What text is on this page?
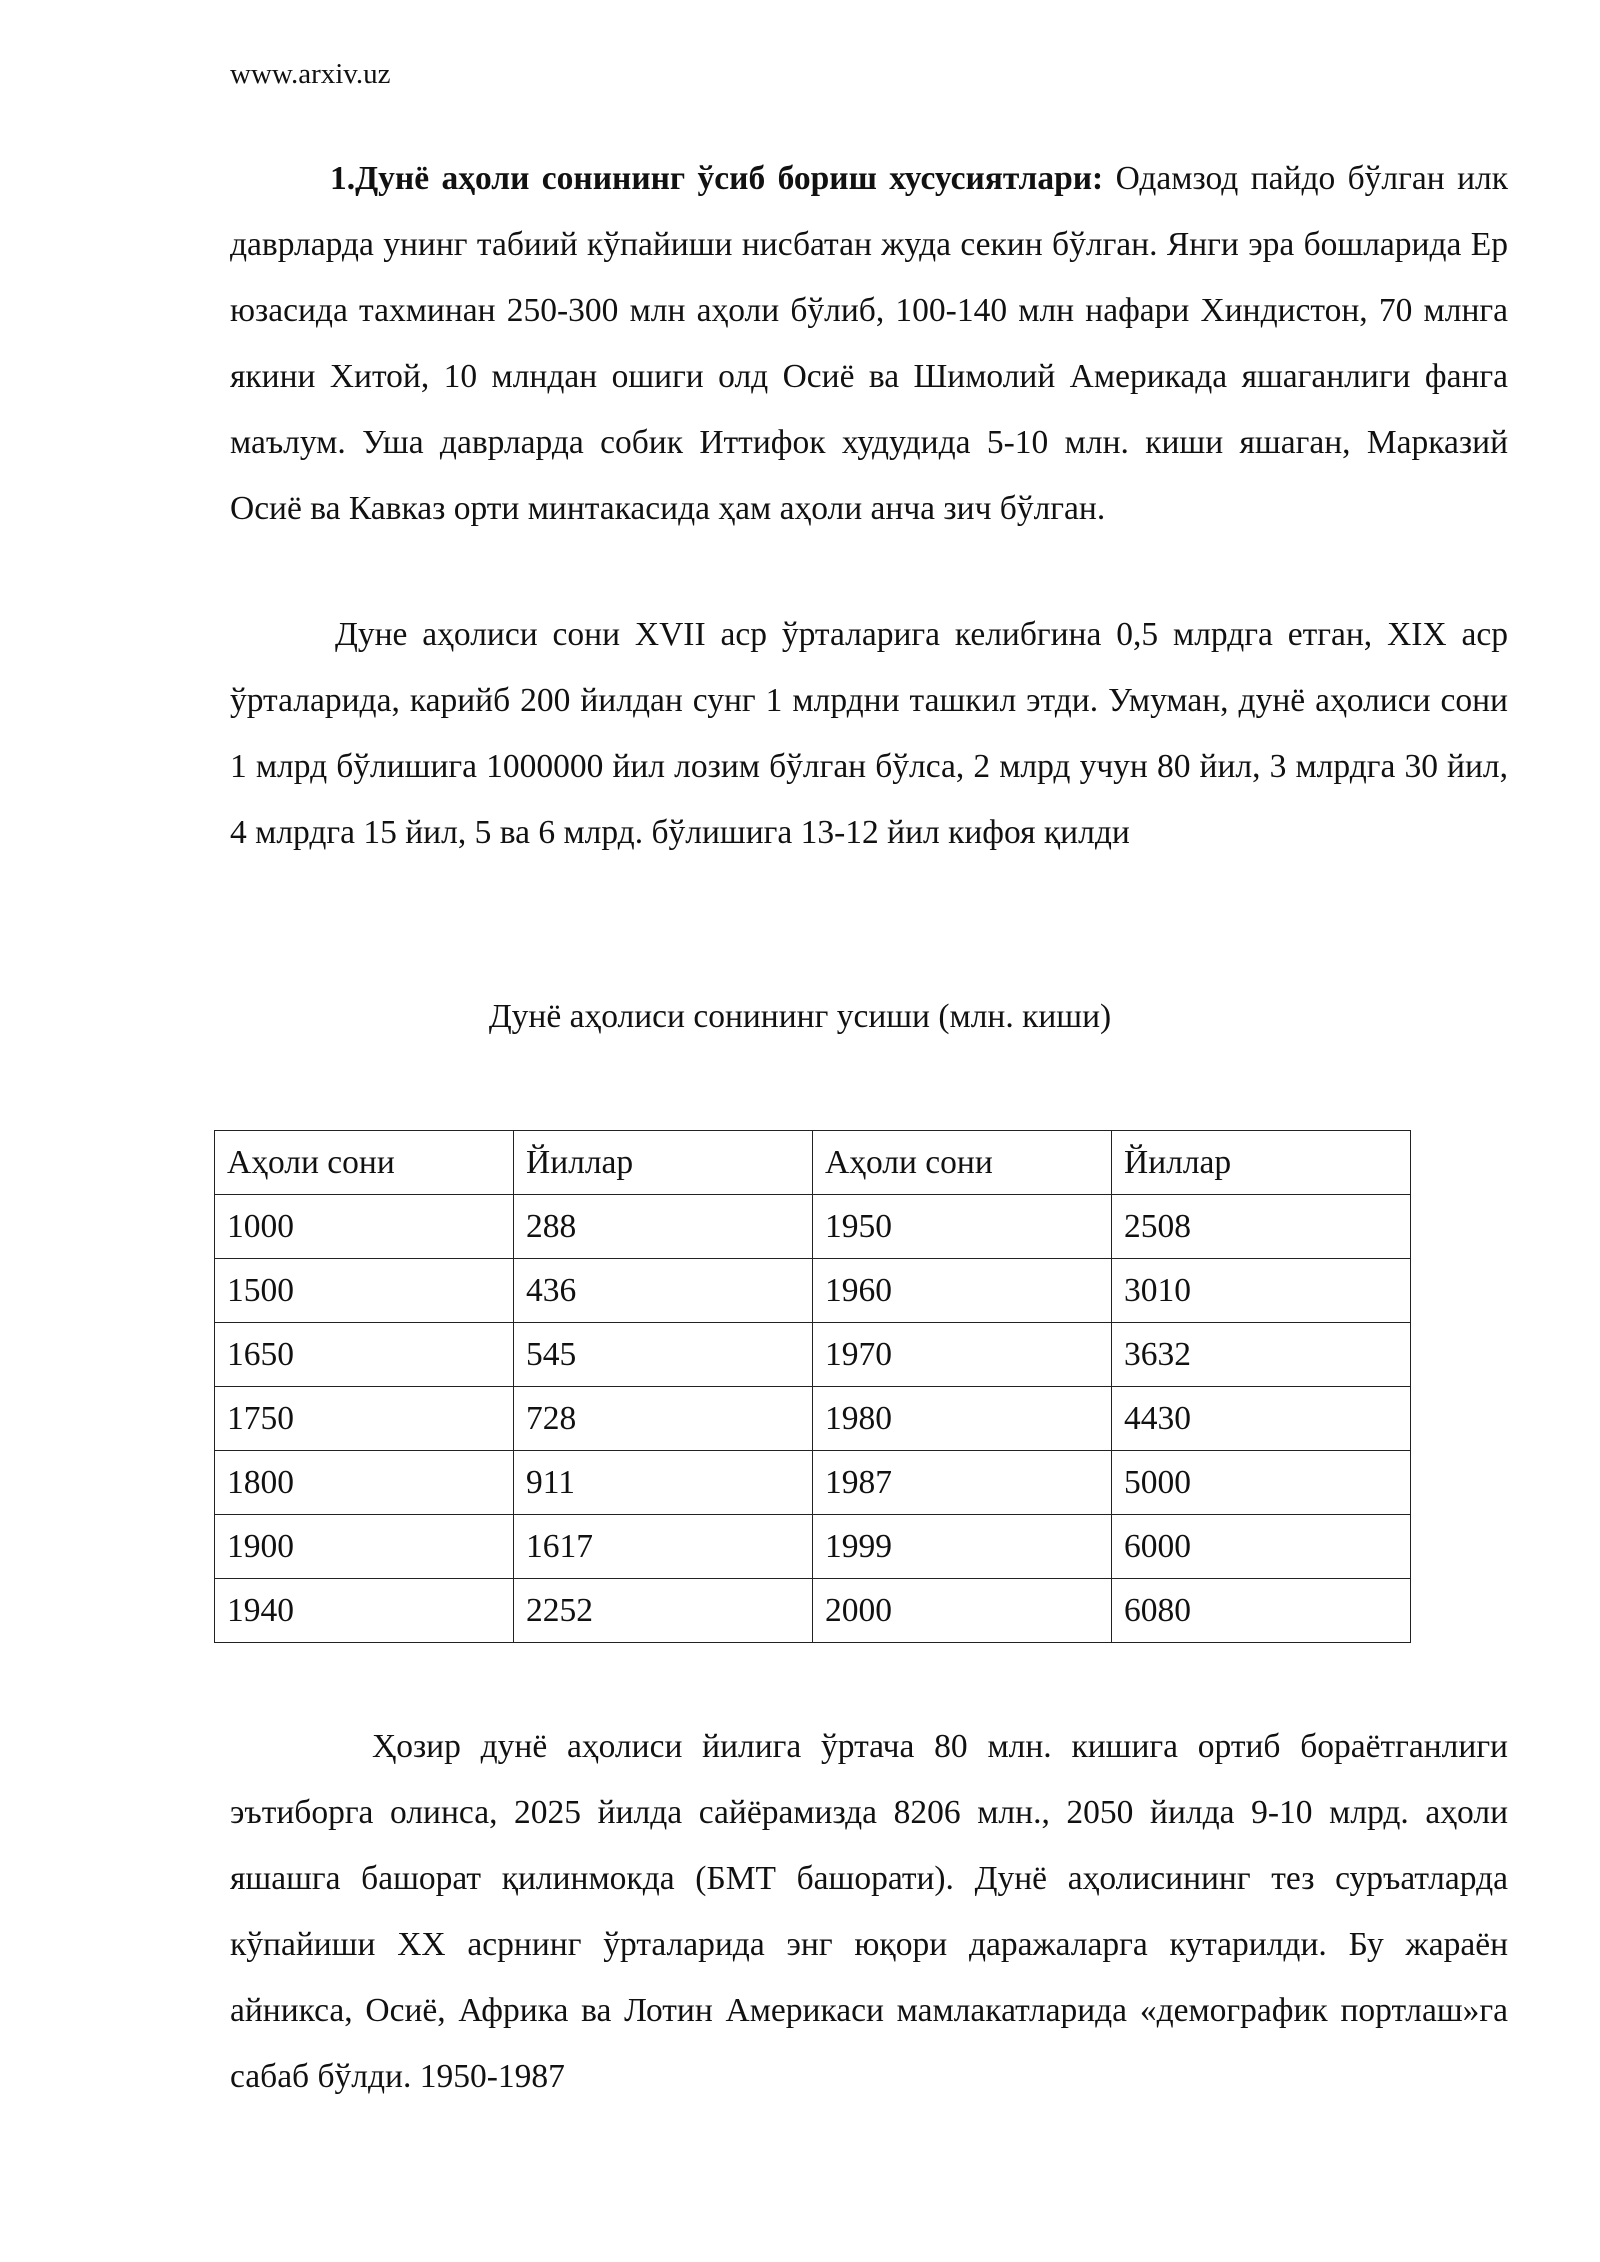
www.arxiv.uz

1.Дунё аҳоли сонининг ўсиб бориш хусусиятлари: Одамзод пайдо бўлган илк даврларда унинг табиий кўпайиши нисбатан жуда секин бўлган. Янги эра бошларида Ер юзасида тахминан 250-300 млн аҳоли бўлиб, 100-140 млн нафари Хиндистон, 70 млнга якини Хитой, 10 млндан ошиги олд Осиё ва Шимолий Америкада яшаганлиги фанга маълум. Уша даврларда собик Иттифок худудида 5-10 млн. киши яшаган, Марказий Осиё ва Кавказ орти минтакасида ҳам аҳоли анча зич бўлган.

Дуне аҳолиси сони XVII аср ўрталарига келибгина 0,5 млрдга етган, XIX аср ўрталарида, карийб 200 йилдан сунг 1 млрдни ташкил этди. Умуман, дунё аҳолиси сони 1 млрд бўлишига 1000000 йил лозим бўлган бўлса, 2 млрд учун 80 йил, 3 млрдга 30 йил, 4 млрдга 15 йил, 5 ва 6 млрд. бўлишига 13-12 йил кифоя қилди

Дунё аҳолиси сонининг усиши (млн. киши)
Аҳоли сони	Йиллар	Аҳоли сони	Йиллар
1000	288	1950	2508
1500	436	1960	3010
1650	545	1970	3632
1750	728	1980	4430
1800	911	1987	5000
1900	1617	1999	6000
1940	2252	2000	6080

Ҳозир дунё аҳолиси йилига ўртача 80 млн. кишига ортиб бораётганлиги эътиборга олинса, 2025 йилда сайёрамизда 8206 млн., 2050 йилда 9-10 млрд. аҳоли яшашга башорат қилинмокда (БМТ башорати). Дунё аҳолисининг тез суръатларда кўпайиши XX асрнинг ўрталарида энг юқори даражаларга кутарилди. Бу жараён айникса, Осиё, Африка ва Лотин Америкаси мамлакатларида «демографик портлаш»га сабаб бўлди. 1950-1987
